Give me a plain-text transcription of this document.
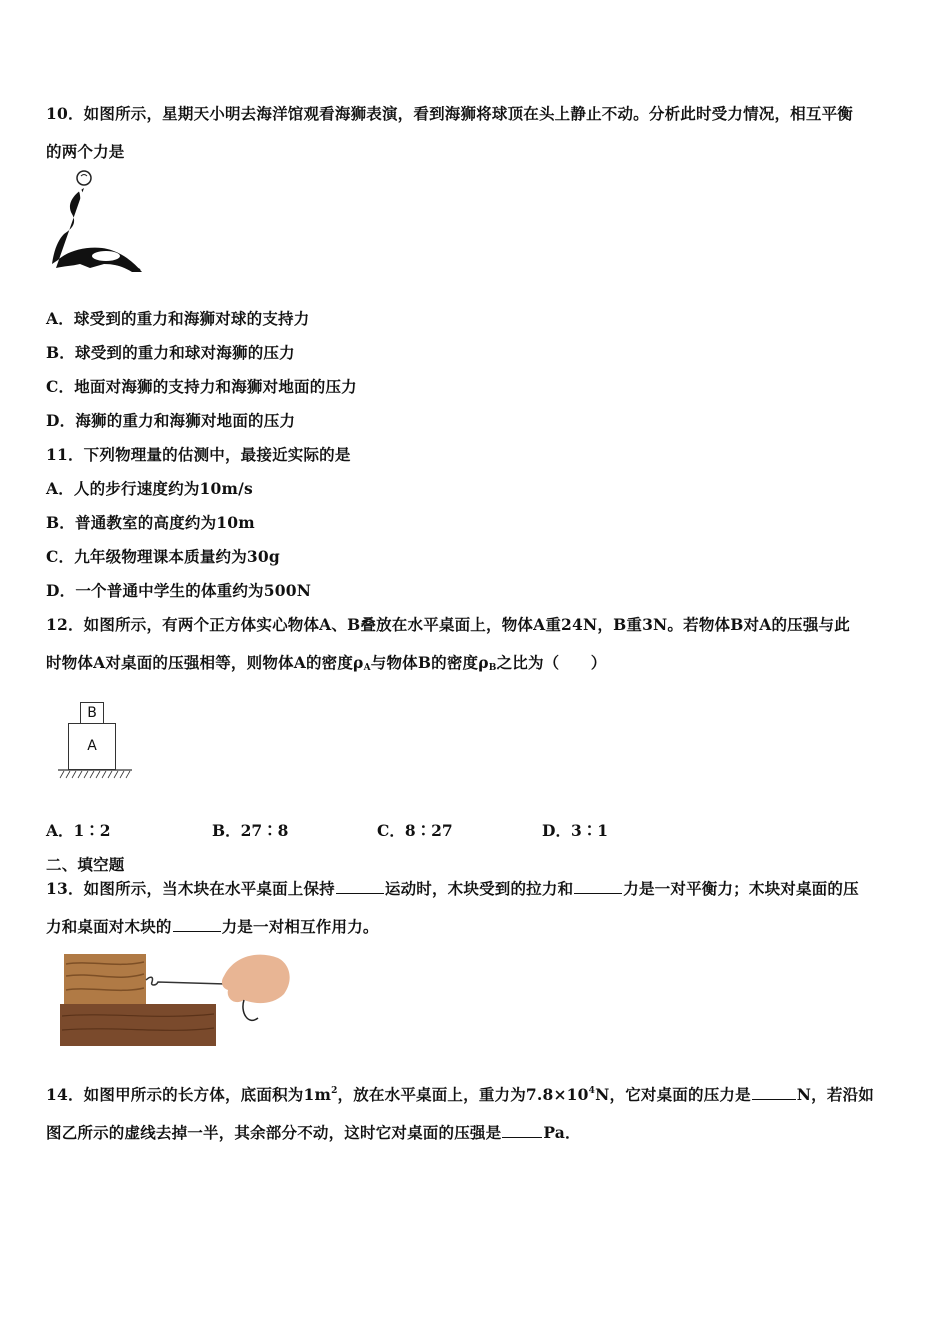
10．如图所示，星期天小明去海洋馆观看海狮表演，看到海狮将球顶在头上静止不动。分析此时受力情况，相互平衡
的两个力是
A．球受到的重力和海狮对球的支持力
B．球受到的重力和球对海狮的压力
C．地面对海狮的支持力和海狮对地面的压力
D．海狮的重力和海狮对地面的压力
11．下列物理量的估测中，最接近实际的是
A．人的步行速度约为10m/s
B．普通教室的高度约为10m
C．九年级物理课本质量约为30g
D．一个普通中学生的体重约为500N
12．如图所示，有两个正方体实心物体A、B叠放在水平桌面上，物体A重24N，B重3N。若物体B对A的压强与此
时物体A对桌面的压强相等，则物体A的密度$\rho_A$与物体B的密度$\rho_B$之比为（　　）
B
A
A．1∶2	B．27∶8	C．8∶27	D．3∶1
二、填空题
13．如图所示，当木块在水平桌面上保持	运动时，木块受到的拉力和	力是一对平衡力；木块对桌面的压
力和桌面对木块的	力是一对相互作用力。
14．如图甲所示的长方体，底面积为$1m^2$，放在水平桌面上，重力为$7.8\times 10^4N$，它对桌面的压力是	N，若沿如
图乙所示的虚线去掉一半，其余部分不动，这时它对桌面的压强是	Pa．
